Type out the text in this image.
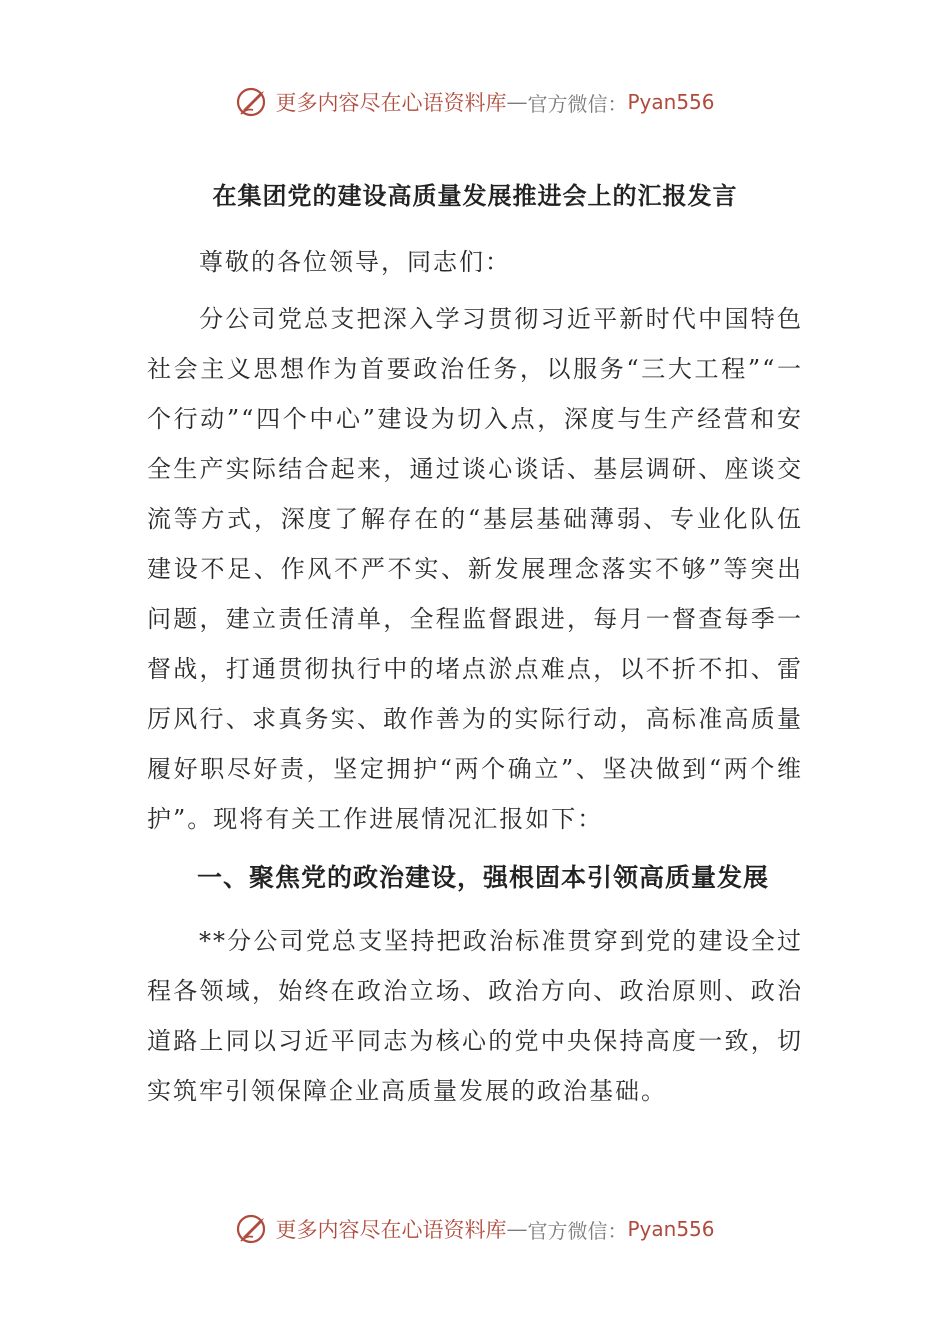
更多内容尽在心语资料库 — 官方微信： Pyan556
在集团党的建设高质量发展推进会上的汇报发言
尊敬的各位领导，同志们：
分公司党总支把深入学习贯彻习近平新时代中国特色社会主义思想作为首要政治任务，以服务“三大工程”“一个行动”“四个中心”建设为切入点，深度与生产经营和安全生产实际结合起来，通过谈心谈话、基层调研、座谈交流等方式，深度了解存在的“基层基础薄弱、专业化队伍建设不足、作风不严不实、新发展理念落实不够”等突出问题，建立责任清单，全程监督跟进，每月一督查每季一督战，打通贯彻执行中的堵点淤点难点，以不折不扣、雷厉风行、求真务实、敢作善为的实际行动，高标准高质量履好职尽好责，坚定拥护“两个确立”、坚决做到“两个维护”。现将有关工作进展情况汇报如下：
一、聚焦党的政治建设，强根固本引领高质量发展
**分公司党总支坚持把政治标准贯穿到党的建设全过程各领域，始终在政治立场、政治方向、政治原则、政治道路上同以习近平同志为核心的党中央保持高度一致，切实筑牢引领保障企业高质量发展的政治基础。
更多内容尽在心语资料库 — 官方微信： Pyan556
